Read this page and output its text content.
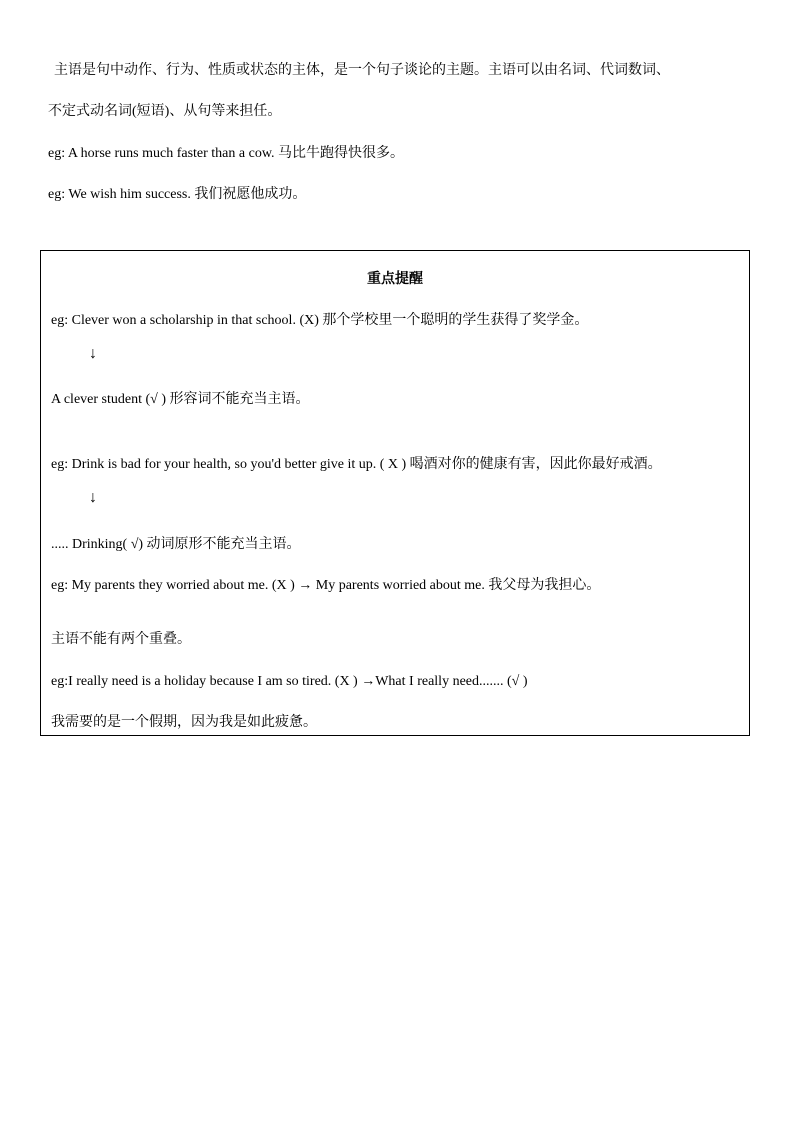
主语是句中动作、行为、性质或状态的主体，是一个句子谈论的主题。主语可以由名词、代词数词、
不定式动名词(短语)、从句等来担任。
eg: A horse runs much faster than a cow. 马比牛跑得快很多。
eg: We wish him success. 我们祝愿他成功。
重点提醒
eg: Clever won a scholarship in that school. (X) 那个学校里一个聪明的学生获得了奖学金。
↓
A clever student (√ ) 形容词不能充当主语。
eg: Drink is bad for your health, so you'd better give it up. ( X ) 喝酒对你的健康有害，因此你最好戒酒。
↓
..... Drinking( √) 动词原形不能充当主语。
eg: My parents they worried about me. (X ) → My parents worried about me. 我父母为我担心。
主语不能有两个重叠。
eg:I really need is a holiday because I am so tired. (X ) →What I really need....... (√ )
我需要的是一个假期，因为我是如此疲惫。
